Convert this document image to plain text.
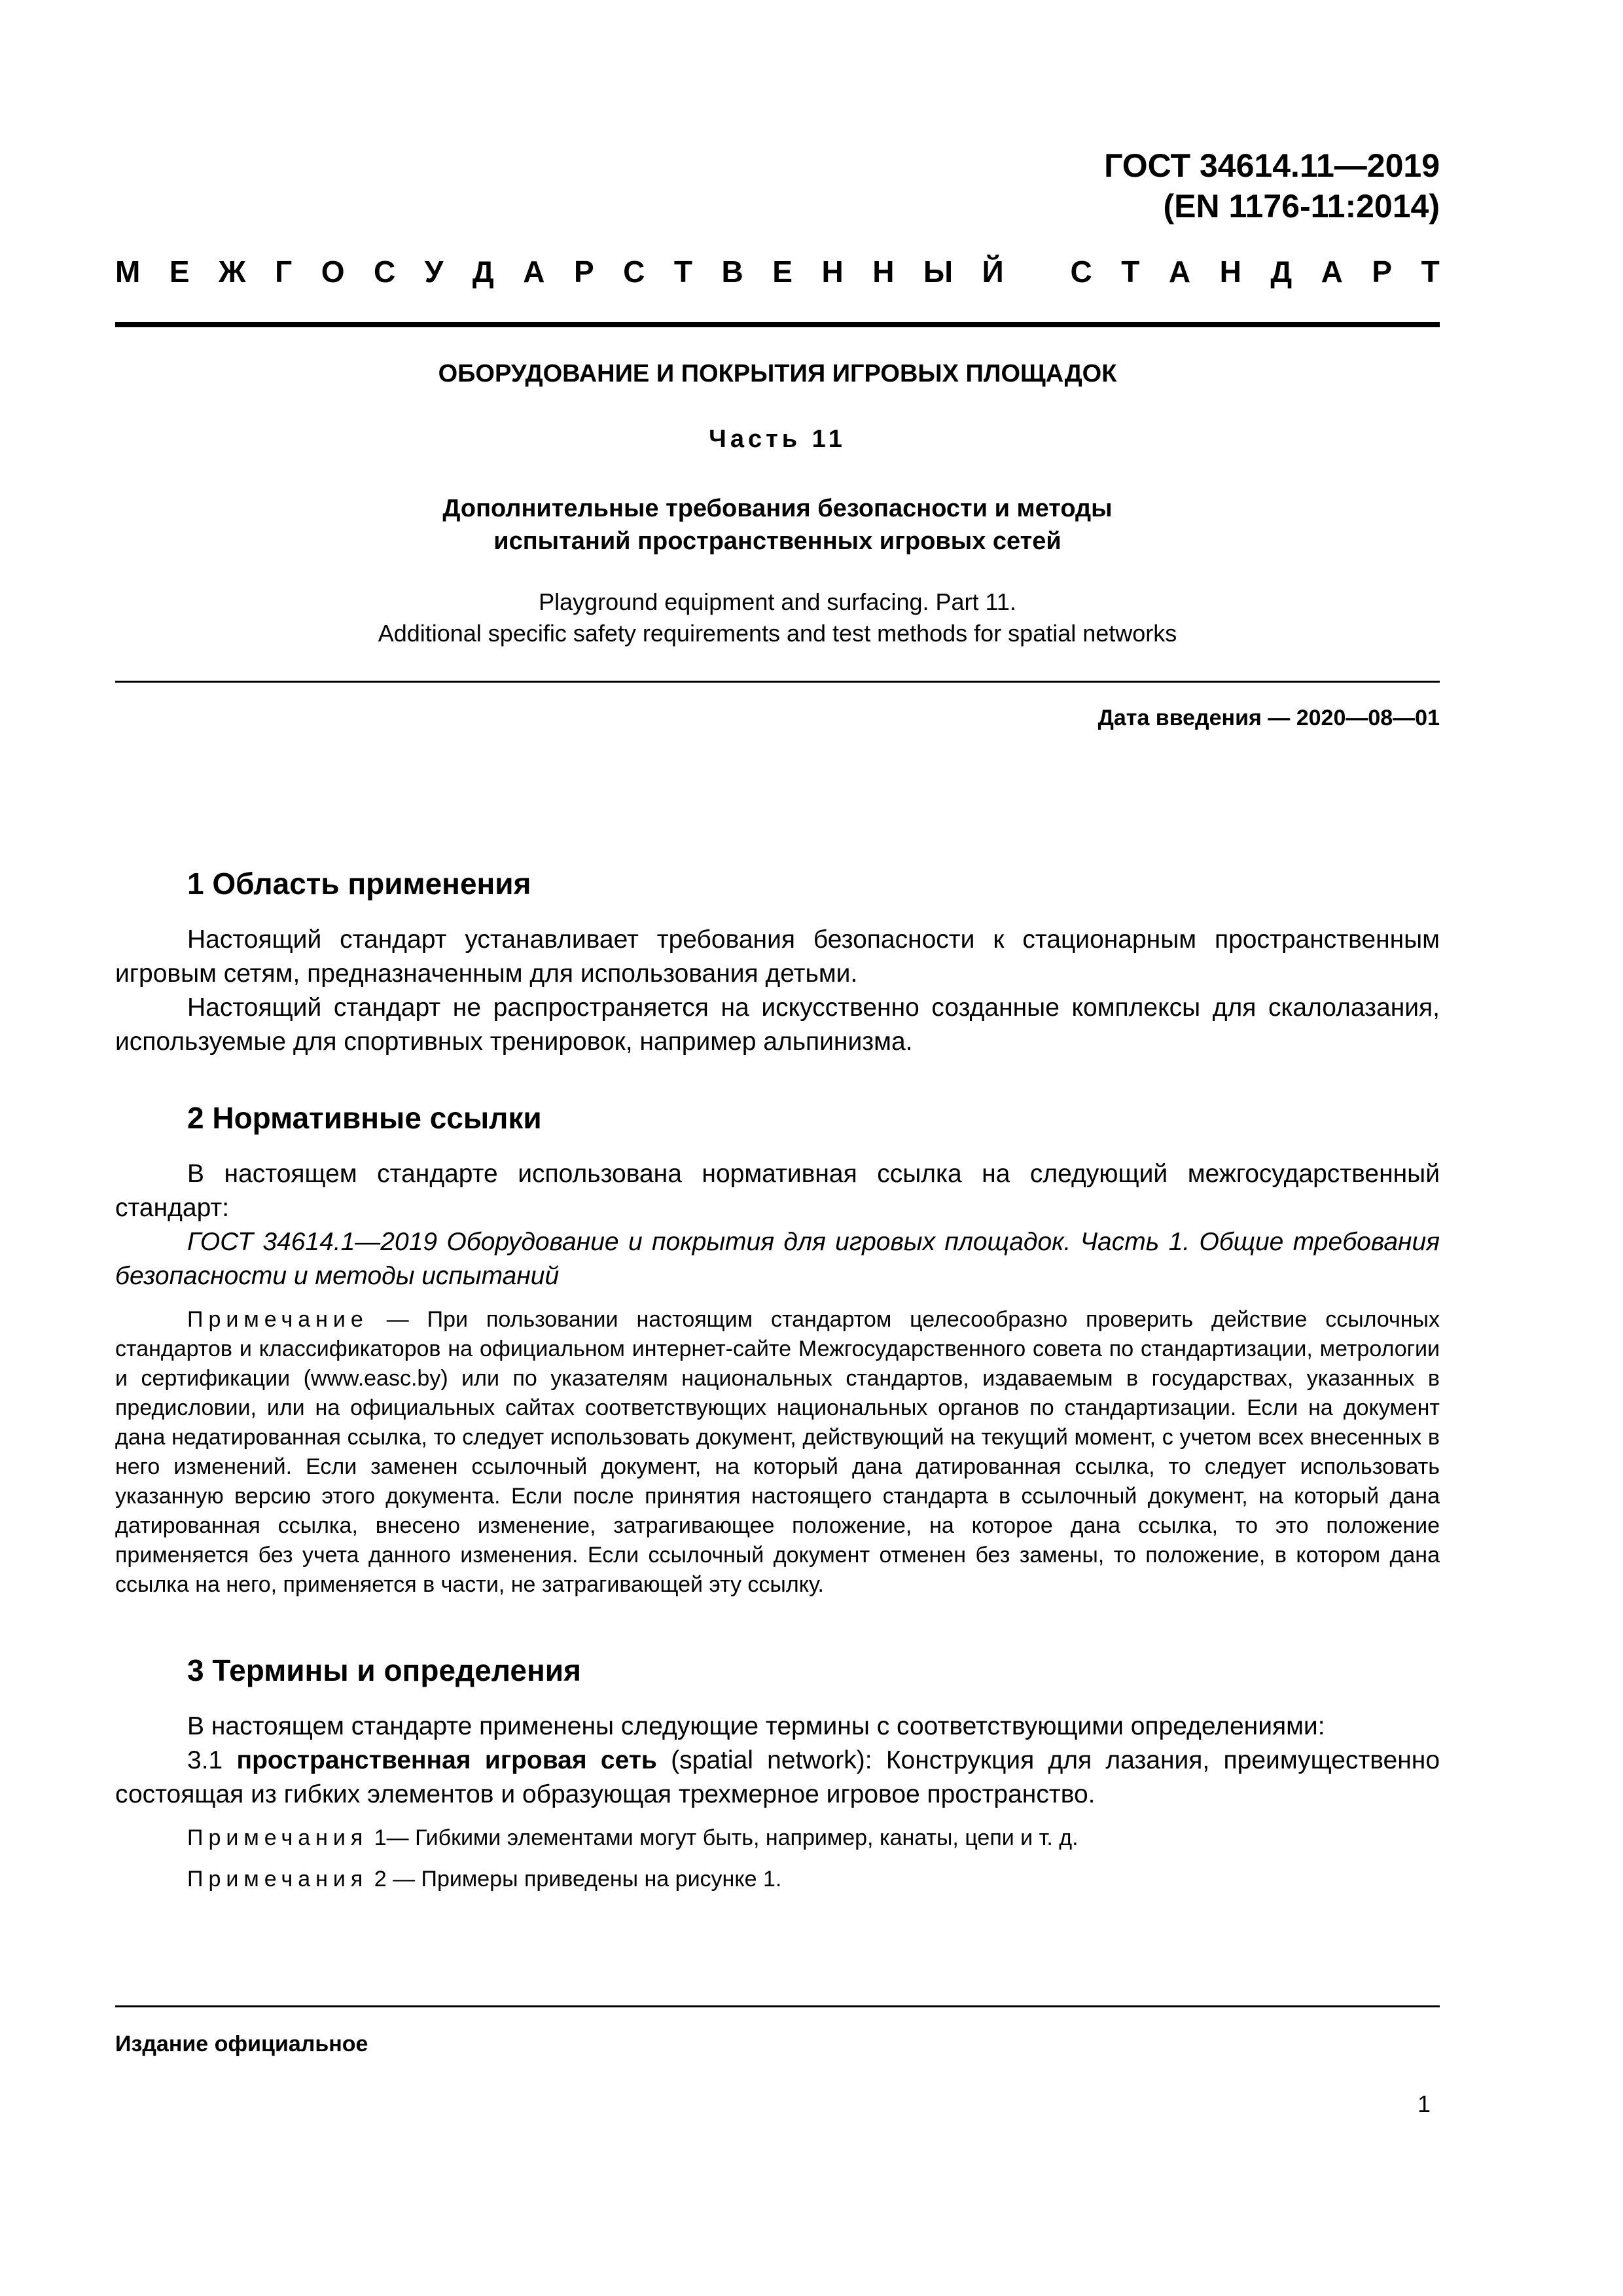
ГОСТ 34614.11—2019
(EN 1176-11:2014)
М Е Ж Г О С У Д А Р С Т В Е Н Н Ы Й
С Т А Н Д А Р Т
ОБОРУДОВАНИЕ И ПОКРЫТИЯ ИГРОВЫХ ПЛОЩАДОК
Часть 11
Дополнительные требования безопасности и методы
испытаний пространственных игровых сетей
Playground equipment and surfacing. Part 11.
Additional specific safety requirements and test methods for spatial networks
Дата введения — 2020—08—01
1 Область применения

Настоящий стандарт устанавливает требования безопасности к стационарным пространственным игровым сетям, предназначенным для использования детьми.

Настоящий стандарт не распространяется на искусственно созданные комплексы для скалолазания, используемые для спортивных тренировок, например альпинизма.

2 Нормативные ссылки

В настоящем стандарте использована нормативная ссылка на следующий межгосударственный стандарт:

ГОСТ 34614.1—2019 Оборудование и покрытия для игровых площадок. Часть 1. Общие требования безопасности и методы испытаний

Примечание — При пользовании настоящим стандартом целесообразно проверить действие ссылочных стандартов и классификаторов на официальном интернет-сайте Межгосударственного совета по стандартизации, метрологии и сертификации (www.easc.by) или по указателям национальных стандартов, издаваемым в государствах, указанных в предисловии, или на официальных сайтах соответствующих национальных органов по стандартизации. Если на документ дана недатированная ссылка, то следует использовать документ, действующий на текущий момент, с учетом всех внесенных в него изменений. Если заменен ссылочный документ, на который дана датированная ссылка, то следует использовать указанную версию этого документа. Если после принятия настоящего стандарта в ссылочный документ, на который дана датированная ссылка, внесено изменение, затрагивающее положение, на которое дана ссылка, то это положение применяется без учета данного изменения. Если ссылочный документ отменен без замены, то положение, в котором дана ссылка на него, применяется в части, не затрагивающей эту ссылку.

3 Термины и определения

В настоящем стандарте применены следующие термины с соответствующими определениями:

3.1 пространственная игровая сеть (spatial network): Конструкция для лазания, преимущественно состоящая из гибких элементов и образующая трехмерное игровое пространство.

Примечания 1— Гибкими элементами могут быть, например, канаты, цепи и т. д.

Примечания 2 — Примеры приведены на рисунке 1.

Издание официальное
1
